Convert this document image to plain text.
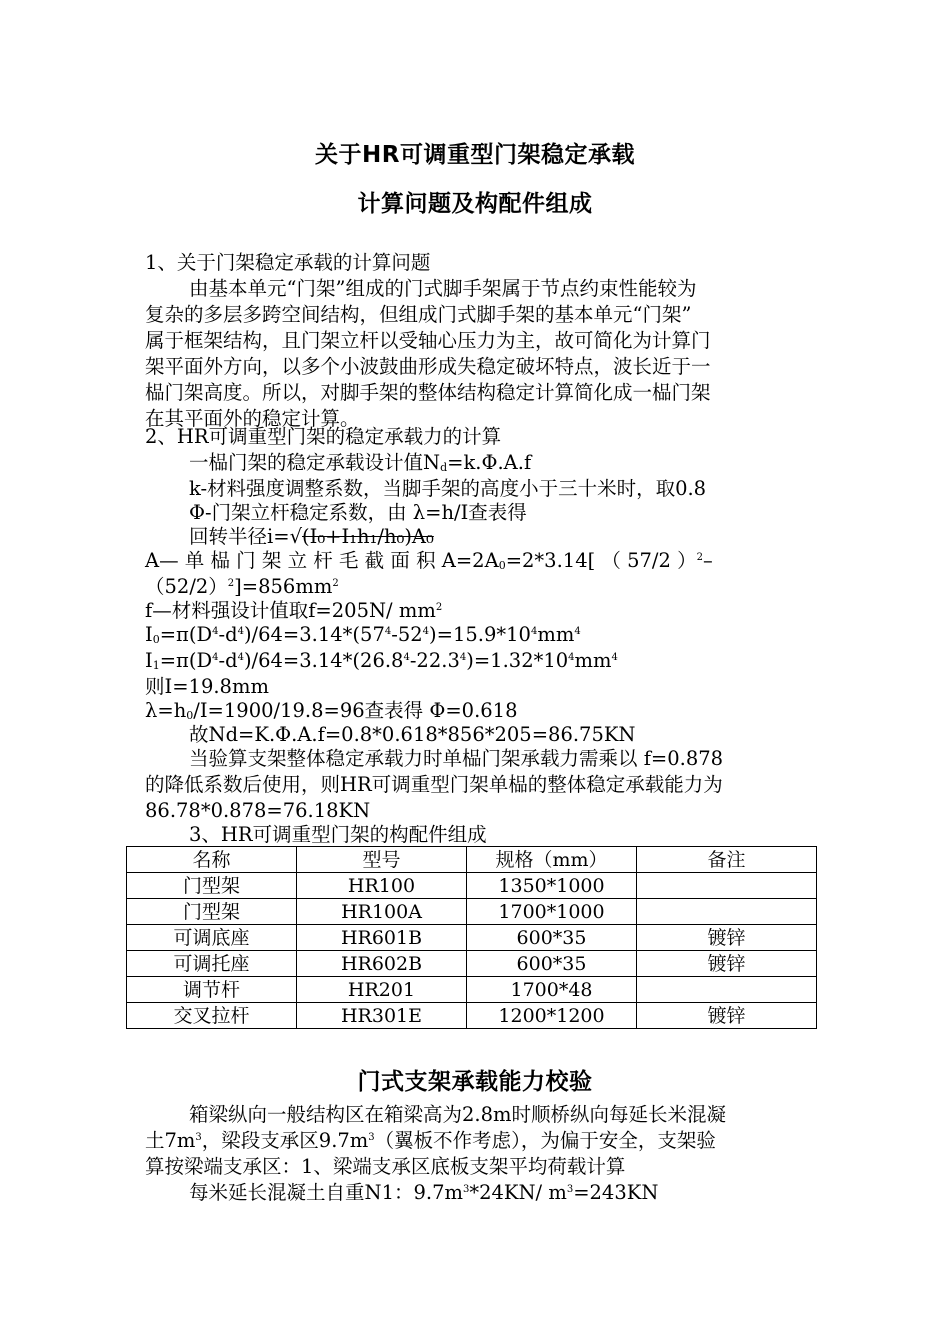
关于HR可调重型门架稳定承载
计算问题及构配件组成
1、关于门架稳定承载的计算问题
由基本单元“门架”组成的门式脚手架属于节点约束性能较为
复杂的多层多跨空间结构，但组成门式脚手架的基本单元“门架”
属于框架结构，且门架立杆以受轴心压力为主，故可简化为计算门
架平面外方向，以多个小波鼓曲形成失稳定破坏特点，波长近于一
榀门架高度。所以，对脚手架的整体结构稳定计算简化成一榀门架
在其平面外的稳定计算。
2、HR可调重型门架的稳定承载力的计算
一榀门架的稳定承载设计值$N_d=k.\Phi.A.f$
k-材料强度调整系数，当脚手架的高度小于三十米时，取0.8
Φ-门架立杆稳定系数，由 λ=h/I查表得
回转半径i=√(I₀+I₁h₁/h₀)A₀
A— 单 榀 门 架 立 杆 毛 截 面 积 $A=2A_0=2*3.14$[ （ 57/2 ）$^2$–
$(52/2)^2]=856mm^2$
f—材料强设计值取f=205N/ $mm^2$
$I_0=\pi(D^4-d^4)/64=3.14*(57^4-52^4)=15.9*10^4mm^4$
$I_1=\pi(D^4-d^4)/64=3.14*(26.8^4-22.3^4)=1.32*10^4mm^4$
则I=19.8mm
$\lambda=h_0/I=1900/19.8=96$查表得 Φ=0.618
故Nd=K.Φ.A.f=0.8*0.618*856*205=86.75KN
当验算支架整体稳定承载力时单榀门架承载力需乘以 f=0.878
的降低系数后使用，则HR可调重型门架单榀的整体稳定承载能力为
86.78*0.878=76.18KN
3、HR可调重型门架的构配件组成
名称	型号	规格（mm）	备注
门型架	HR100	1350*1000	
门型架	HR100A	1700*1000	
可调底座	HR601B	600*35	镀锌
可调托座	HR602B	600*35	镀锌
调节杆	HR201	1700*48	
交叉拉杆	HR301E	1200*1200	镀锌
门式支架承载能力校验
箱梁纵向一般结构区在箱梁高为2.8m时顺桥纵向每延长米混凝
土$7m^3$，梁段支承区$9.7m^3$（翼板不作考虑），为偏于安全，支架验
算按梁端支承区：1、梁端支承区底板支架平均荷载计算
每米延长混凝土自重N1：$9.7m^3*24KN/$ $m^3=243KN$
